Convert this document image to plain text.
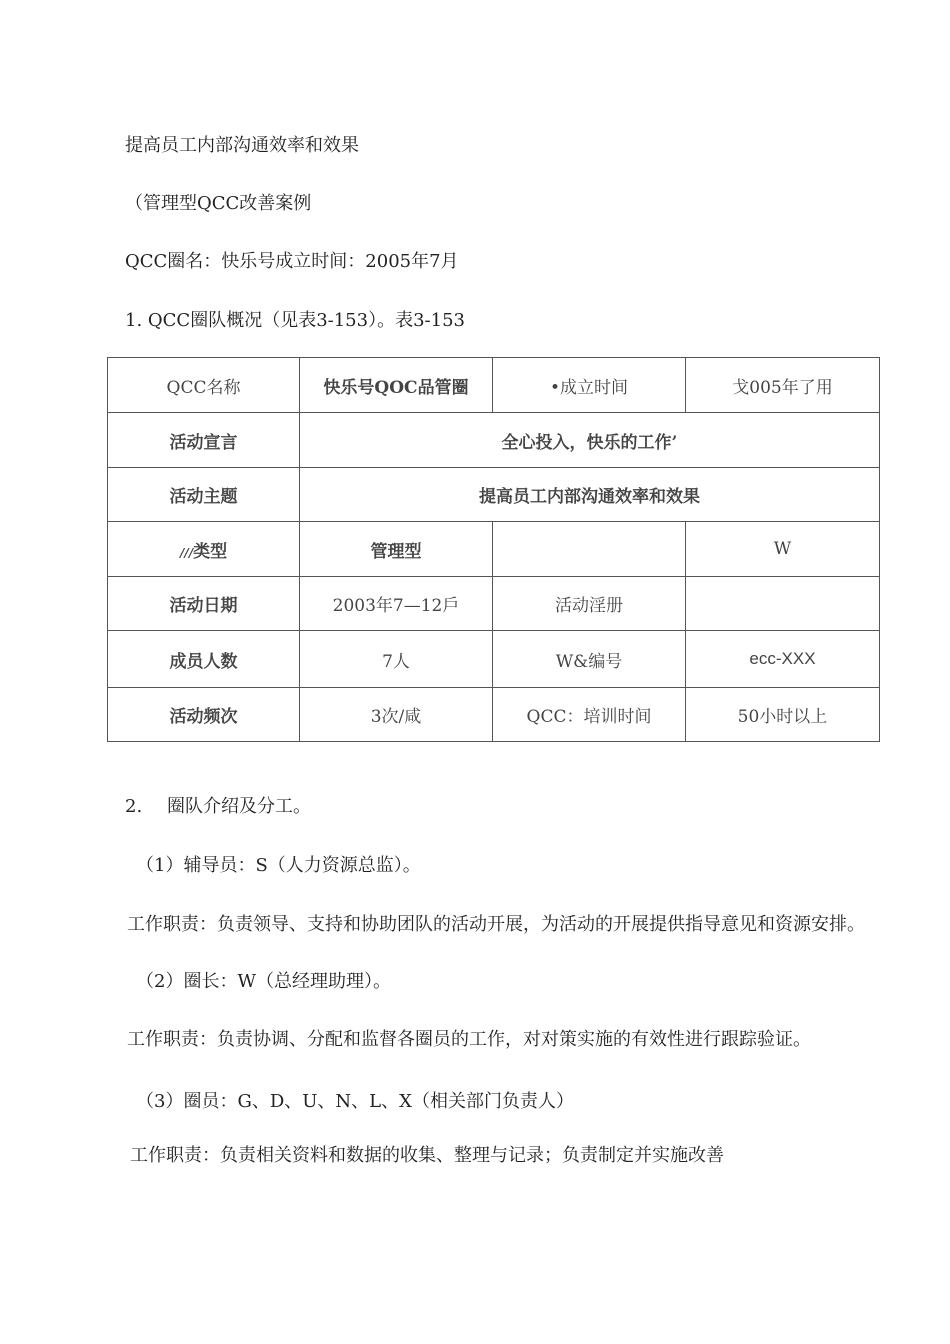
提高员工内部沟通效率和效果
（管理型QCC改善案例
QCC圈名：快乐号成立时间：2005年7月
1. QCC圈队概况（见表3-153）。表3-153
QCC名称	快乐号QOC品管圈	•成立时间	戈005年了用
活动宣言	全心投入，快乐的工作’		
活动主题	提高员工内部沟通效率和效果		
///类型	管理型		W
活动日期	2003年7—12戶	活动淫册	
成员人数	7人	W&编号	ecc-XXX
活动频次	3次/咸	QCC：培训时间	50小时以上
2. 圈队介绍及分工。
（1）辅导员：S（人力资源总监）。
工作职责：负责领导、支持和协助团队的活动开展，为活动的开展提供指导意见和资源安排。
（2）圈长：W（总经理助理）。
工作职责：负责协调、分配和监督各圈员的工作，对对策实施的有效性进行跟踪验证。
（3）圈员：G、D、U、N、L、X（相关部门负责人）
工作职责：负责相关资料和数据的收集、整理与记录；负责制定并实施改善
